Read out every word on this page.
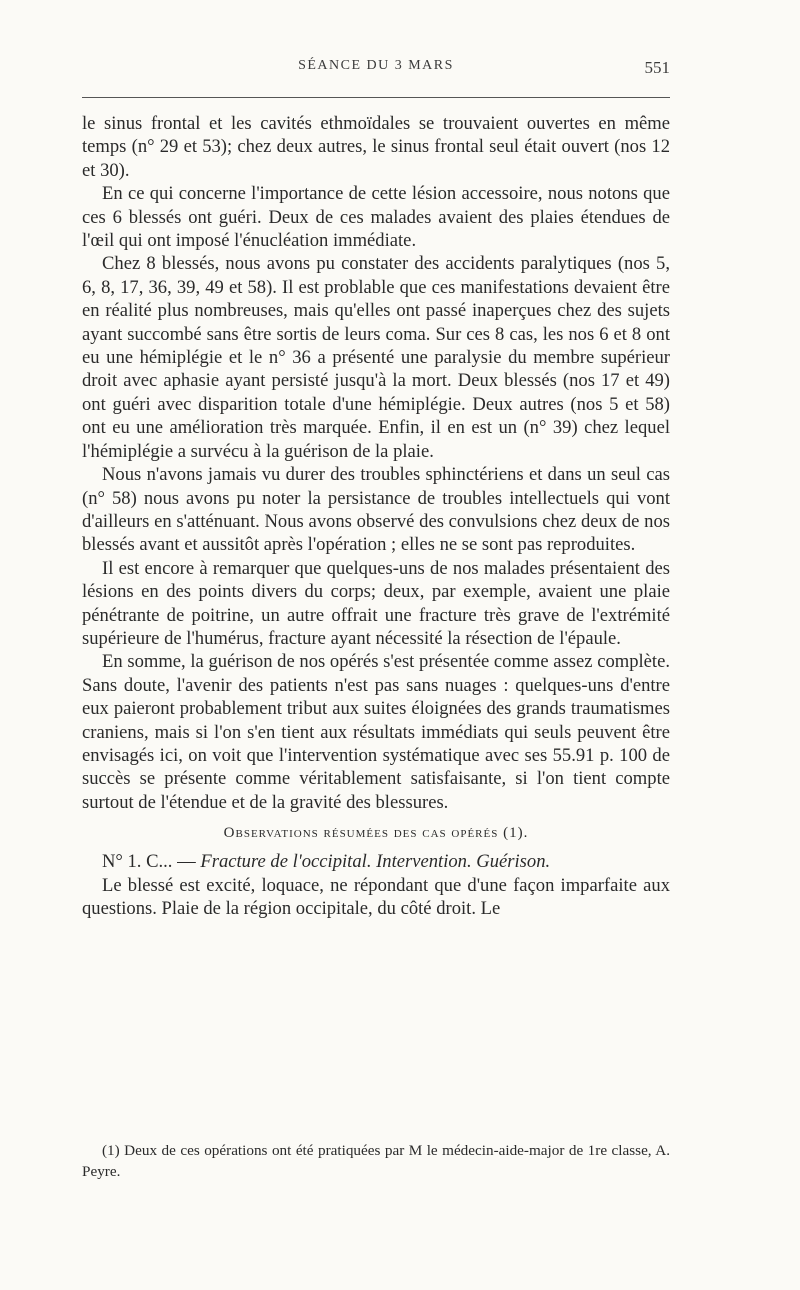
SÉANCE DU 3 MARS	551

le sinus frontal et les cavités ethmoïdales se trouvaient ouvertes en même temps (n° 29 et 53); chez deux autres, le sinus frontal seul était ouvert (nos 12 et 30).

En ce qui concerne l'importance de cette lésion accessoire, nous notons que ces 6 blessés ont guéri. Deux de ces malades avaient des plaies étendues de l'œil qui ont imposé l'énucléation immédiate.

Chez 8 blessés, nous avons pu constater des accidents paralytiques (nos 5, 6, 8, 17, 36, 39, 49 et 58). Il est problable que ces manifestations devaient être en réalité plus nombreuses, mais qu'elles ont passé inaperçues chez des sujets ayant succombé sans être sortis de leurs coma. Sur ces 8 cas, les nos 6 et 8 ont eu une hémiplégie et le n° 36 a présenté une paralysie du membre supérieur droit avec aphasie ayant persisté jusqu'à la mort. Deux blessés (nos 17 et 49) ont guéri avec disparition totale d'une hémiplégie. Deux autres (nos 5 et 58) ont eu une amélioration très marquée. Enfin, il en est un (n° 39) chez lequel l'hémiplégie a survécu à la guérison de la plaie.

Nous n'avons jamais vu durer des troubles sphinctériens et dans un seul cas (n° 58) nous avons pu noter la persistance de troubles intellectuels qui vont d'ailleurs en s'atténuant. Nous avons observé des convulsions chez deux de nos blessés avant et aussitôt après l'opération ; elles ne se sont pas reproduites.

Il est encore à remarquer que quelques-uns de nos malades présentaient des lésions en des points divers du corps; deux, par exemple, avaient une plaie pénétrante de poitrine, un autre offrait une fracture très grave de l'extrémité supérieure de l'humérus, fracture ayant nécessité la résection de l'épaule.

En somme, la guérison de nos opérés s'est présentée comme assez complète. Sans doute, l'avenir des patients n'est pas sans nuages : quelques-uns d'entre eux paieront probablement tribut aux suites éloignées des grands traumatismes craniens, mais si l'on s'en tient aux résultats immédiats qui seuls peuvent être envisagés ici, on voit que l'intervention systématique avec ses 55.91 p. 100 de succès se présente comme véritablement satisfaisante, si l'on tient compte surtout de l'étendue et de la gravité des blessures.

Observations résumées des cas opérés (1).

N° 1. C... — Fracture de l'occipital. Intervention. Guérison.

Le blessé est excité, loquace, ne répondant que d'une façon imparfaite aux questions. Plaie de la région occipitale, du côté droit. Le

(1) Deux de ces opérations ont été pratiquées par M le médecin-aide-major de 1re classe, A. Peyre.
